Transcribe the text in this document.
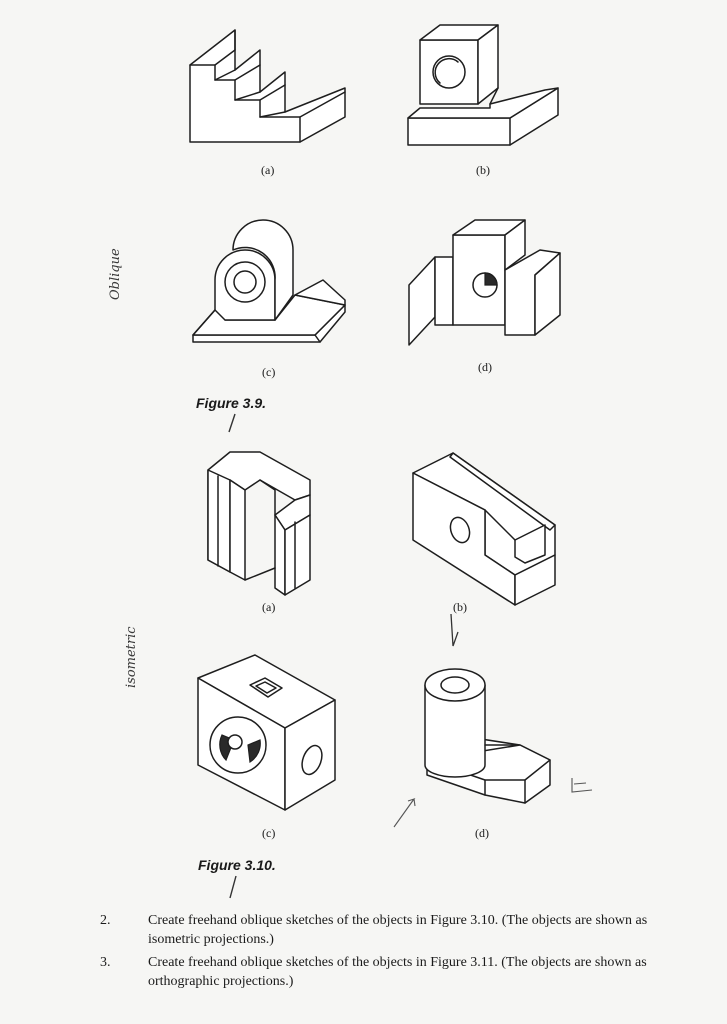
(a)	(b)
(c)	(d)
Figure 3.9.
Oblique
(a)	(b)
(c)	(d)
Figure 3.10.
isometric
2.	Create freehand oblique sketches of the objects in Figure 3.10. (The objects are shown as isometric projections.)
3.	Create freehand oblique sketches of the objects in Figure 3.11. (The objects are shown as orthographic projections.)
